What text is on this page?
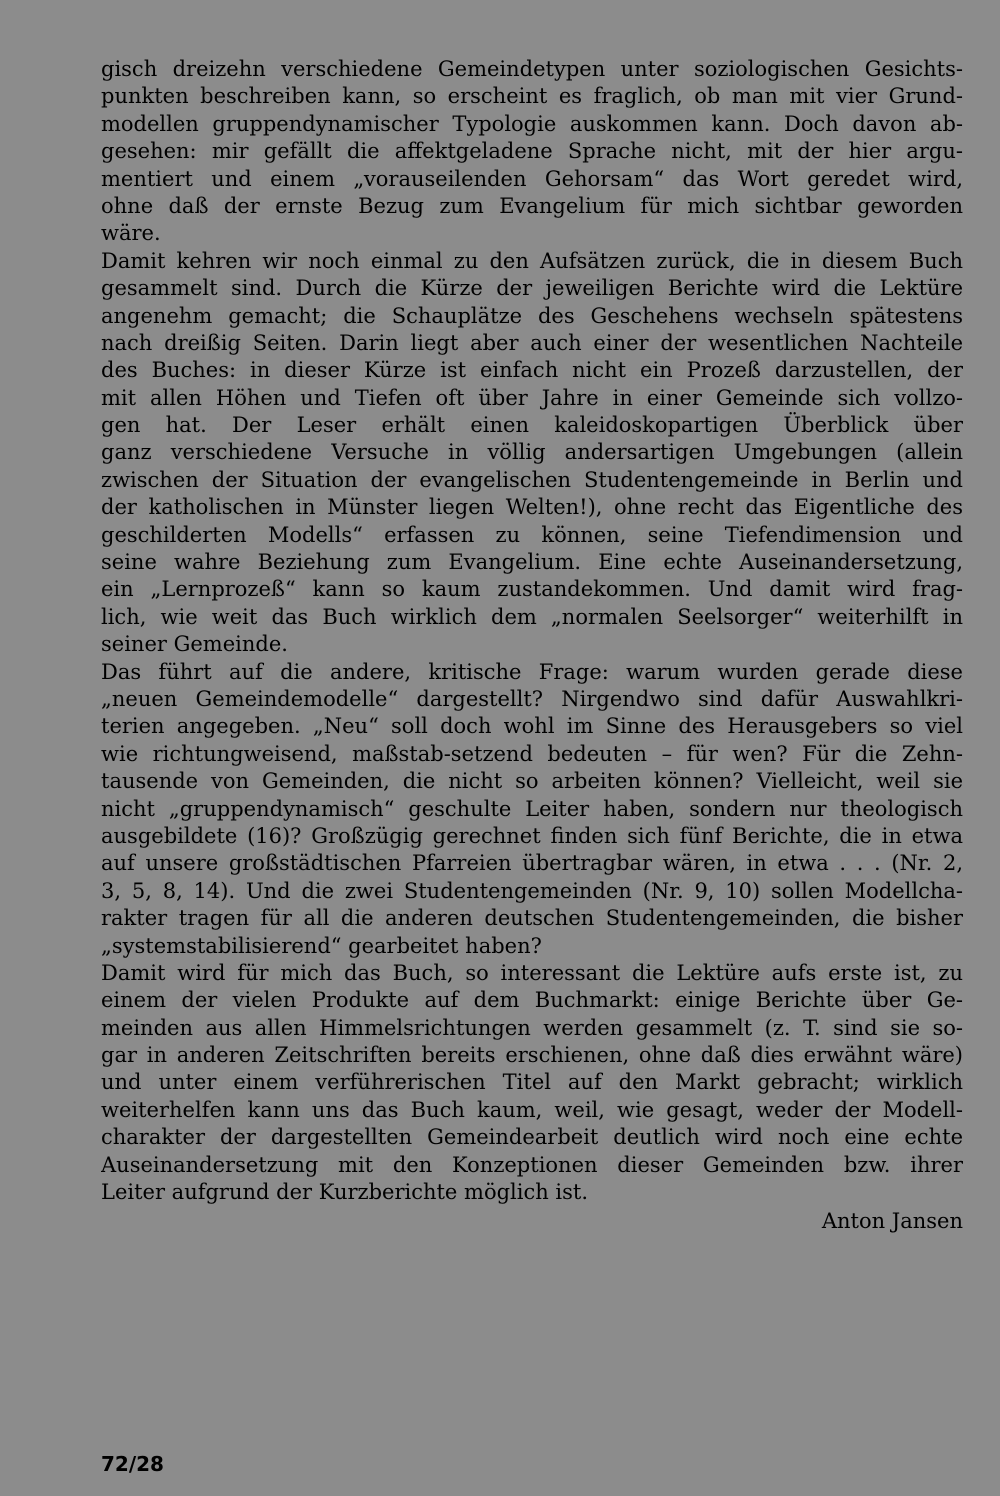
gisch dreizehn verschiedene Gemeindetypen unter soziologischen Gesichts-
punkten beschreiben kann, so erscheint es fraglich, ob man mit vier Grund-
modellen gruppendynamischer Typologie auskommen kann. Doch davon ab-
gesehen: mir gefällt die affektgeladene Sprache nicht, mit der hier argu-
mentiert und einem „vorauseilenden Gehorsam“ das Wort geredet wird,
ohne daß der ernste Bezug zum Evangelium für mich sichtbar geworden
wäre.
Damit kehren wir noch einmal zu den Aufsätzen zurück, die in diesem Buch
gesammelt sind. Durch die Kürze der jeweiligen Berichte wird die Lektüre
angenehm gemacht; die Schauplätze des Geschehens wechseln spätestens
nach dreißig Seiten. Darin liegt aber auch einer der wesentlichen Nachteile
des Buches: in dieser Kürze ist einfach nicht ein Prozeß darzustellen, der
mit allen Höhen und Tiefen oft über Jahre in einer Gemeinde sich vollzo-
gen hat. Der Leser erhält einen kaleidoskopartigen Überblick über
ganz verschiedene Versuche in völlig andersartigen Umgebungen (allein
zwischen der Situation der evangelischen Studentengemeinde in Berlin und
der katholischen in Münster liegen Welten!), ohne recht das Eigentliche des
geschilderten Modells“ erfassen zu können, seine Tiefendimension und
seine wahre Beziehung zum Evangelium. Eine echte Auseinandersetzung,
ein „Lernprozeß“ kann so kaum zustandekommen. Und damit wird frag-
lich, wie weit das Buch wirklich dem „normalen Seelsorger“ weiterhilft in
seiner Gemeinde.
Das führt auf die andere, kritische Frage: warum wurden gerade diese
„neuen Gemeindemodelle“ dargestellt? Nirgendwo sind dafür Auswahlkri-
terien angegeben. „Neu“ soll doch wohl im Sinne des Herausgebers so viel
wie richtungweisend, maßstab-setzend bedeuten – für wen? Für die Zehn-
tausende von Gemeinden, die nicht so arbeiten können? Vielleicht, weil sie
nicht „gruppendynamisch“ geschulte Leiter haben, sondern nur theologisch
ausgebildete (16)? Großzügig gerechnet finden sich fünf Berichte, die in etwa
auf unsere großstädtischen Pfarreien übertragbar wären, in etwa . . . (Nr. 2,
3, 5, 8, 14). Und die zwei Studentengemeinden (Nr. 9, 10) sollen Modellcha-
rakter tragen für all die anderen deutschen Studentengemeinden, die bisher
„systemstabilisierend“ gearbeitet haben?
Damit wird für mich das Buch, so interessant die Lektüre aufs erste ist, zu
einem der vielen Produkte auf dem Buchmarkt: einige Berichte über Ge-
meinden aus allen Himmelsrichtungen werden gesammelt (z. T. sind sie so-
gar in anderen Zeitschriften bereits erschienen, ohne daß dies erwähnt wäre)
und unter einem verführerischen Titel auf den Markt gebracht; wirklich
weiterhelfen kann uns das Buch kaum, weil, wie gesagt, weder der Modell-
charakter der dargestellten Gemeindearbeit deutlich wird noch eine echte
Auseinandersetzung mit den Konzeptionen dieser Gemeinden bzw. ihrer
Leiter aufgrund der Kurzberichte möglich ist.
Anton Jansen
72/28
